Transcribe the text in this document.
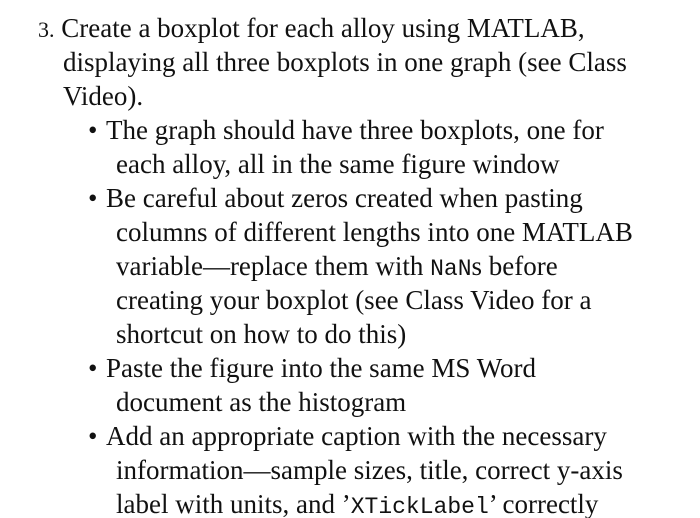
3. Create a boxplot for each alloy using MATLAB,
displaying all three boxplots in one graph (see Class
Video).
• The graph should have three boxplots, one for
each alloy, all in the same figure window
• Be careful about zeros created when pasting
columns of different lengths into one MATLAB
variable—replace them with NaNs before
creating your boxplot (see Class Video for a
shortcut on how to do this)
• Paste the figure into the same MS Word
document as the histogram
• Add an appropriate caption with the necessary
information—sample sizes, title, correct y-axis
label with units, and ’XTickLabel’ correctly
